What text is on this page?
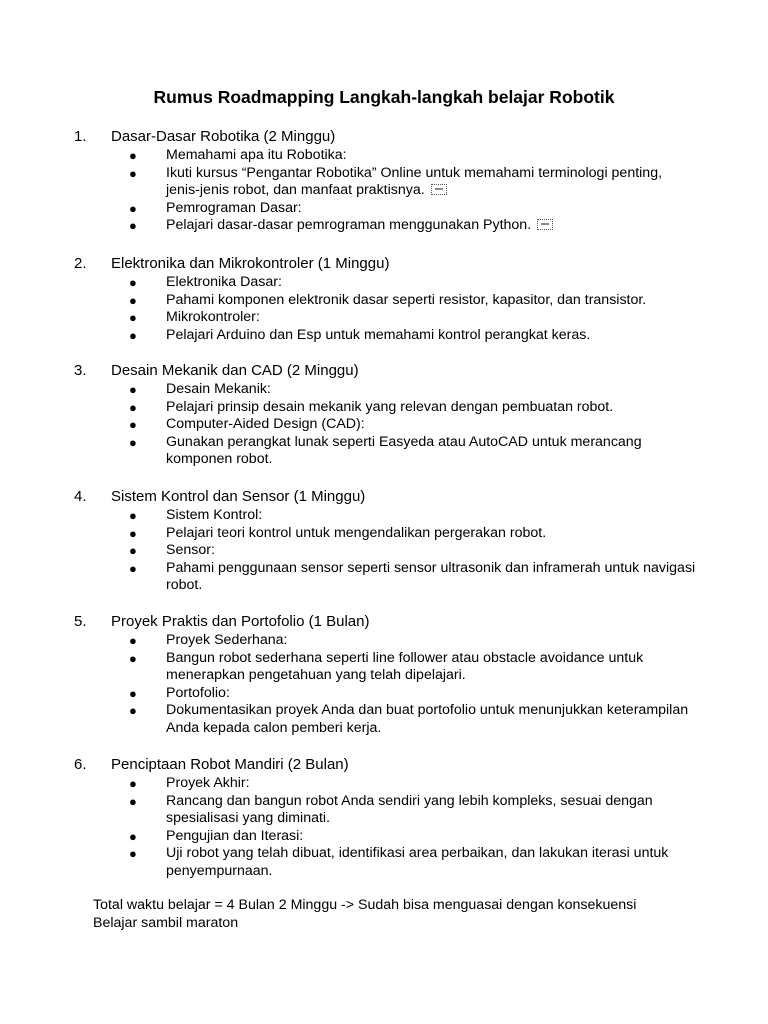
Rumus Roadmapping Langkah-langkah belajar Robotik
1. Dasar-Dasar Robotika (2 Minggu)
● Memahami apa itu Robotika:
● Ikuti kursus “Pengantar Robotika” Online untuk memahami terminologi penting, jenis-jenis robot, dan manfaat praktisnya.
● Pemrograman Dasar:
● Pelajari dasar-dasar pemrograman menggunakan Python.
2. Elektronika dan Mikrokontroler (1 Minggu)
● Elektronika Dasar:
● Pahami komponen elektronik dasar seperti resistor, kapasitor, dan transistor.
● Mikrokontroler:
● Pelajari Arduino dan Esp untuk memahami kontrol perangkat keras.
3. Desain Mekanik dan CAD (2 Minggu)
● Desain Mekanik:
● Pelajari prinsip desain mekanik yang relevan dengan pembuatan robot.
● Computer-Aided Design (CAD):
● Gunakan perangkat lunak seperti Easyeda atau AutoCAD untuk merancang komponen robot.
4. Sistem Kontrol dan Sensor (1 Minggu)
● Sistem Kontrol:
● Pelajari teori kontrol untuk mengendalikan pergerakan robot.
● Sensor:
● Pahami penggunaan sensor seperti sensor ultrasonik dan inframerah untuk navigasi robot.
5. Proyek Praktis dan Portofolio (1 Bulan)
● Proyek Sederhana:
● Bangun robot sederhana seperti line follower atau obstacle avoidance untuk menerapkan pengetahuan yang telah dipelajari.
● Portofolio:
● Dokumentasikan proyek Anda dan buat portofolio untuk menunjukkan keterampilan Anda kepada calon pemberi kerja.
6. Penciptaan Robot Mandiri (2 Bulan)
● Proyek Akhir:
● Rancang dan bangun robot Anda sendiri yang lebih kompleks, sesuai dengan spesialisasi yang diminati.
● Pengujian dan Iterasi:
● Uji robot yang telah dibuat, identifikasi area perbaikan, dan lakukan iterasi untuk penyempurnaan.
Total waktu belajar = 4 Bulan 2 Minggu -> Sudah bisa menguasai dengan konsekuensi
Belajar sambil maraton
